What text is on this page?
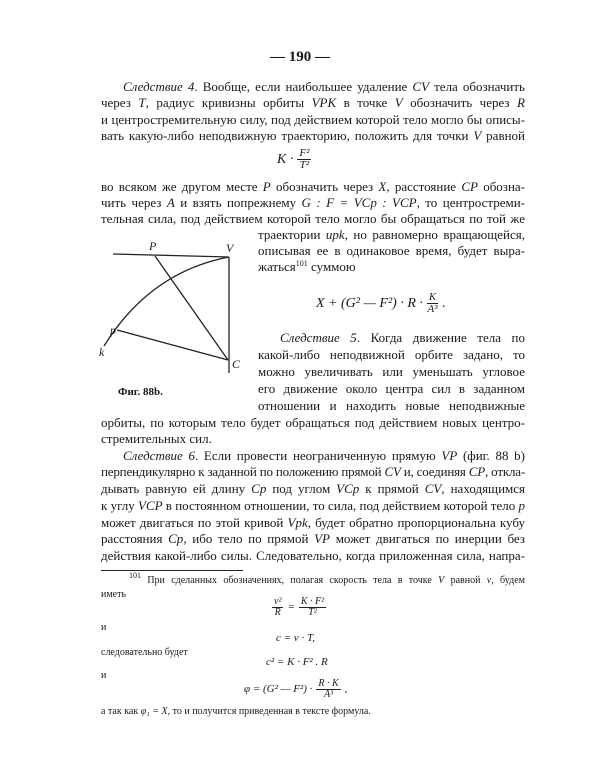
— 190 —
Следствие 4. Вообще, если наибольшее удаление CV тела обозначить
через T, радиус кривизны орбиты VPK в точке V обозначить через R
и центростремительную силу, под действием которой тело могло бы описы-
вать какую-либо неподвижную траекторию, положить для точки V равной
$K \cdot \frac{\text{F²}}{\text{T²}}$
во всяком же другом месте P обозначить через X, расстояние CP обозна-
чить через A и взять попрежнему G : F = VCp : VCP, то центростреми-
тельная сила, под действием которой тело могло бы обращаться по той же
траектории upk, но равномерно вращающейся,
описывая ее в одинаковое время, будет выра-
жаться$^{101}$ суммою
X + (G² — $F^2) \cdot R \cdot \frac{K}{\text{A³}}$ .
Следствие 5. Когда движение тела по
какой-либо неподвижной орбите задано, то
можно увеличивать или уменьшать угловое
его движение около центра сил в заданном
отношении и находить новые неподвижные
орбиты, по которым тело будет обращаться под действием новых центро-
стремительных сил.
Следствие 6. Если провести неограниченную прямую VP (фиг. 88 b)
перпендикулярно к заданной по положению прямой CV и, соединяя CP, откла-
дывать равную ей длину Cp под углом VCp к прямой CV, находящимся
к углу VCP в постоянном отношении, то сила, под действием которой тело p
может двигаться по этой кривой Vpk, будет обратно пропорциональна кубу
расстояния Cp, ибо тело по прямой VP может двигаться по инерции без
действия какой-либо силы. Следовательно, когда приложенная сила, напра-
P	V
p
k
C
Фиг. 88b.
$^{101}$ При сделанных обозначениях, полагая скорость тела в точке V равной v, будем
иметь
$\frac{\text{v²}}{R} = \frac{\text{K · F²}}{\text{T²}}$
и
c = v · T,
следовательно будет
c² = K · F² . R
и
φ = (G² — $F^2) \cdot \frac{R \cdot K}{\text{A³}}$ ,
а так как φ₁ = X, то и получится приведенная в тексте формула.
